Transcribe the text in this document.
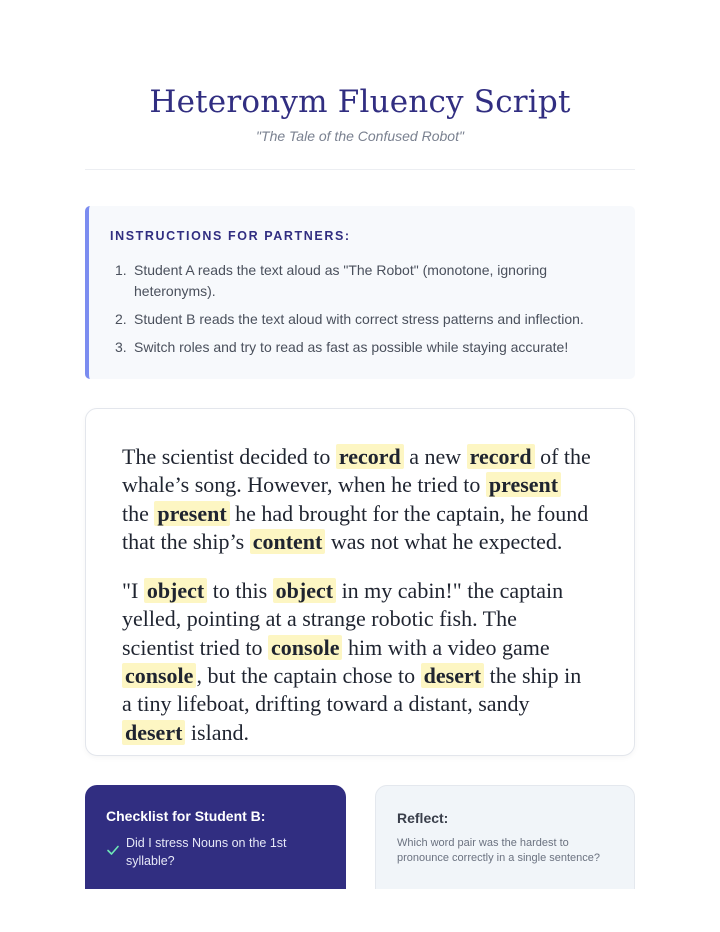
Heteronym Fluency Script
"The Tale of the Confused Robot"
INSTRUCTIONS FOR PARTNERS:
1. Student A reads the text aloud as "The Robot" (monotone, ignoring heteronyms).
2. Student B reads the text aloud with correct stress patterns and inflection.
3. Switch roles and try to read as fast as possible while staying accurate!

The scientist decided to record a new record of the whale’s song. However, when he tried to present the present he had brought for the captain, he found that the ship’s content was not what he expected.

"I object to this object in my cabin!" the captain yelled, pointing at a strange robotic fish. The scientist tried to console him with a video game console , but the captain chose to desert the ship in a tiny lifeboat, drifting toward a distant, sandy desert island.

Checklist for Student B:
Did I stress Nouns on the 1st syllable?
Reflect:
Which word pair was the hardest to pronounce correctly in a single sentence?
